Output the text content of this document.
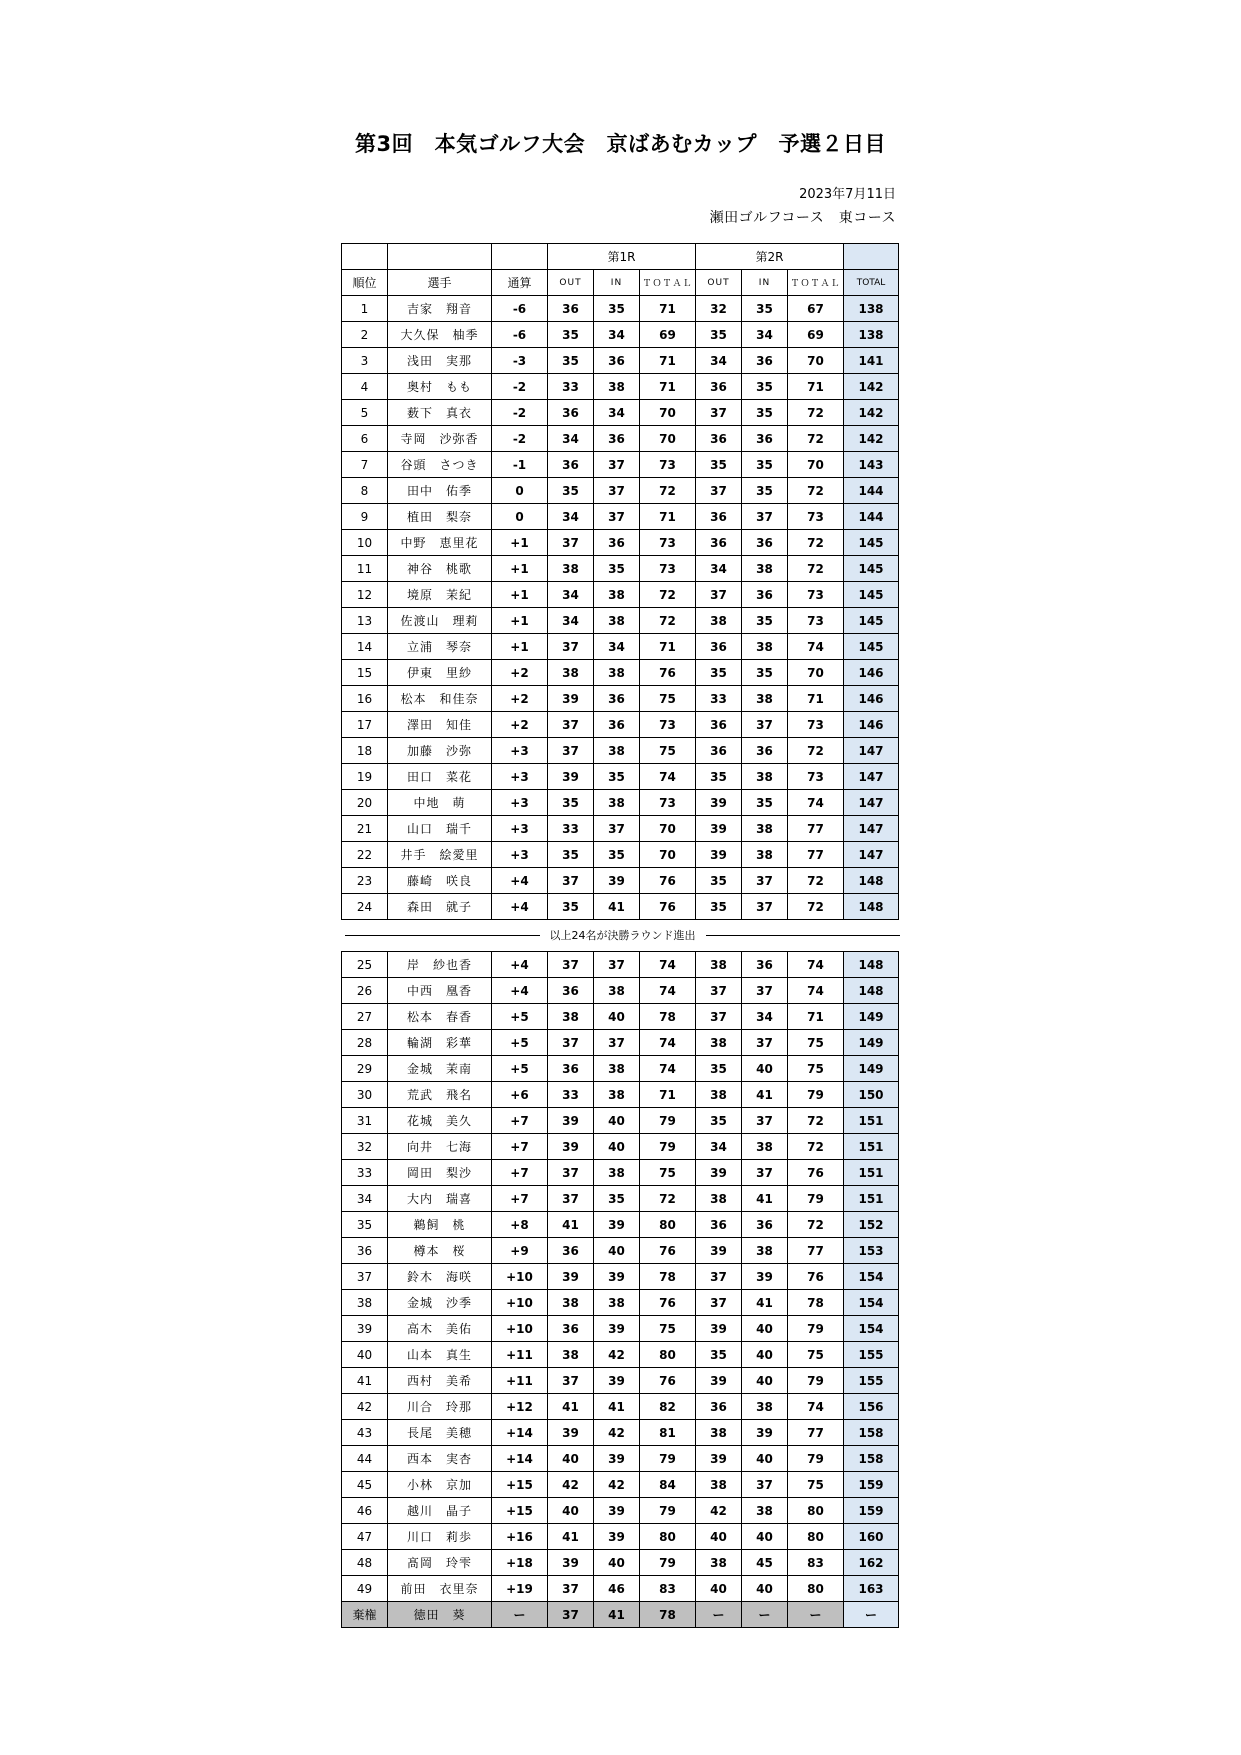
第3回　本気ゴルフ大会　京ばあむカップ　予選２日目
2023年7月11日
瀬田ゴルフコース　東コース
			第1R			第2R			
順位	選手	通算	OUT	IN	ＴＯＴＡＬ	OUT	IN	ＴＯＴＡＬ	TOTAL
1	吉家　翔音	-6	36	35	71	32	35	67	138
2	大久保　柚季	-6	35	34	69	35	34	69	138
3	浅田　実那	-3	35	36	71	34	36	70	141
4	奥村　もも	-2	33	38	71	36	35	71	142
5	薮下　真衣	-2	36	34	70	37	35	72	142
6	寺岡　沙弥香	-2	34	36	70	36	36	72	142
7	谷頭　さつき	-1	36	37	73	35	35	70	143
8	田中　佑季	0	35	37	72	37	35	72	144
9	植田　梨奈	0	34	37	71	36	37	73	144
10	中野　恵里花	+1	37	36	73	36	36	72	145
11	神谷　桃歌	+1	38	35	73	34	38	72	145
12	境原　茉紀	+1	34	38	72	37	36	73	145
13	佐渡山　理莉	+1	34	38	72	38	35	73	145
14	立浦　琴奈	+1	37	34	71	36	38	74	145
15	伊東　里紗	+2	38	38	76	35	35	70	146
16	松本　和佳奈	+2	39	36	75	33	38	71	146
17	澤田　知佳	+2	37	36	73	36	37	73	146
18	加藤　沙弥	+3	37	38	75	36	36	72	147
19	田口　菜花	+3	39	35	74	35	38	73	147
20	中地　萌	+3	35	38	73	39	35	74	147
21	山口　瑞千	+3	33	37	70	39	38	77	147
22	井手　絵愛里	+3	35	35	70	39	38	77	147
23	藤崎　咲良	+4	37	39	76	35	37	72	148
24	森田　就子	+4	35	41	76	35	37	72	148
以上24名が決勝ラウンド進出
25	岸　紗也香	+4	37	37	74	38	36	74	148
26	中西　凰香	+4	36	38	74	37	37	74	148
27	松本　春香	+5	38	40	78	37	34	71	149
28	輪湖　彩華	+5	37	37	74	38	37	75	149
29	金城　茉南	+5	36	38	74	35	40	75	149
30	荒武　飛名	+6	33	38	71	38	41	79	150
31	花城　美久	+7	39	40	79	35	37	72	151
32	向井　七海	+7	39	40	79	34	38	72	151
33	岡田　梨沙	+7	37	38	75	39	37	76	151
34	大内　瑞喜	+7	37	35	72	38	41	79	151
35	鵜飼　桃	+8	41	39	80	36	36	72	152
36	樽本　桜	+9	36	40	76	39	38	77	153
37	鈴木　海咲	+10	39	39	78	37	39	76	154
38	金城　沙季	+10	38	38	76	37	41	78	154
39	高木　美佑	+10	36	39	75	39	40	79	154
40	山本　真生	+11	38	42	80	35	40	75	155
41	西村　美希	+11	37	39	76	39	40	79	155
42	川合　玲那	+12	41	41	82	36	38	74	156
43	長尾　美穂	+14	39	42	81	38	39	77	158
44	西本　実杏	+14	40	39	79	39	40	79	158
45	小林　京加	+15	42	42	84	38	37	75	159
46	越川　晶子	+15	40	39	79	42	38	80	159
47	川口　莉歩	+16	41	39	80	40	40	80	160
48	髙岡　玲雫	+18	39	40	79	38	45	83	162
49	前田　衣里奈	+19	37	46	83	40	40	80	163
棄権	徳田　葵	ー	37	41	78	ー	ー	ー	ー
